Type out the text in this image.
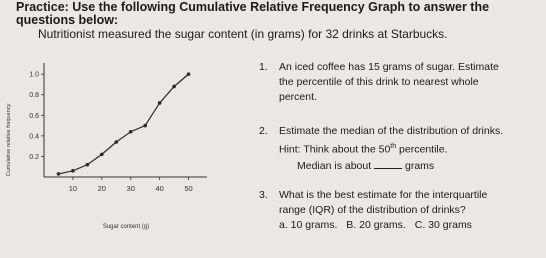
Practice: Use the following Cumulative Relative Frequency Graph to answer the
questions below:
Nutritionist measured the sugar content (in grams) for 32 drinks at Starbucks.
Cumulative relative frequency
Sugar content (g)
10	20	30	40	50
0.2
0.4
0.6
0.8
1.0
1. An iced coffee has 15 grams of sugar. Estimate
the percentile of this drink to nearest whole
percent.
2. Estimate the median of the distribution of drinks.
Hint: Think about the 50th percentile.
Median is about	grams
3. What is the best estimate for the interquartile
range (IQR) of the distribution of drinks?
a. 10 grams. B. 20 grams. C. 30 grams
